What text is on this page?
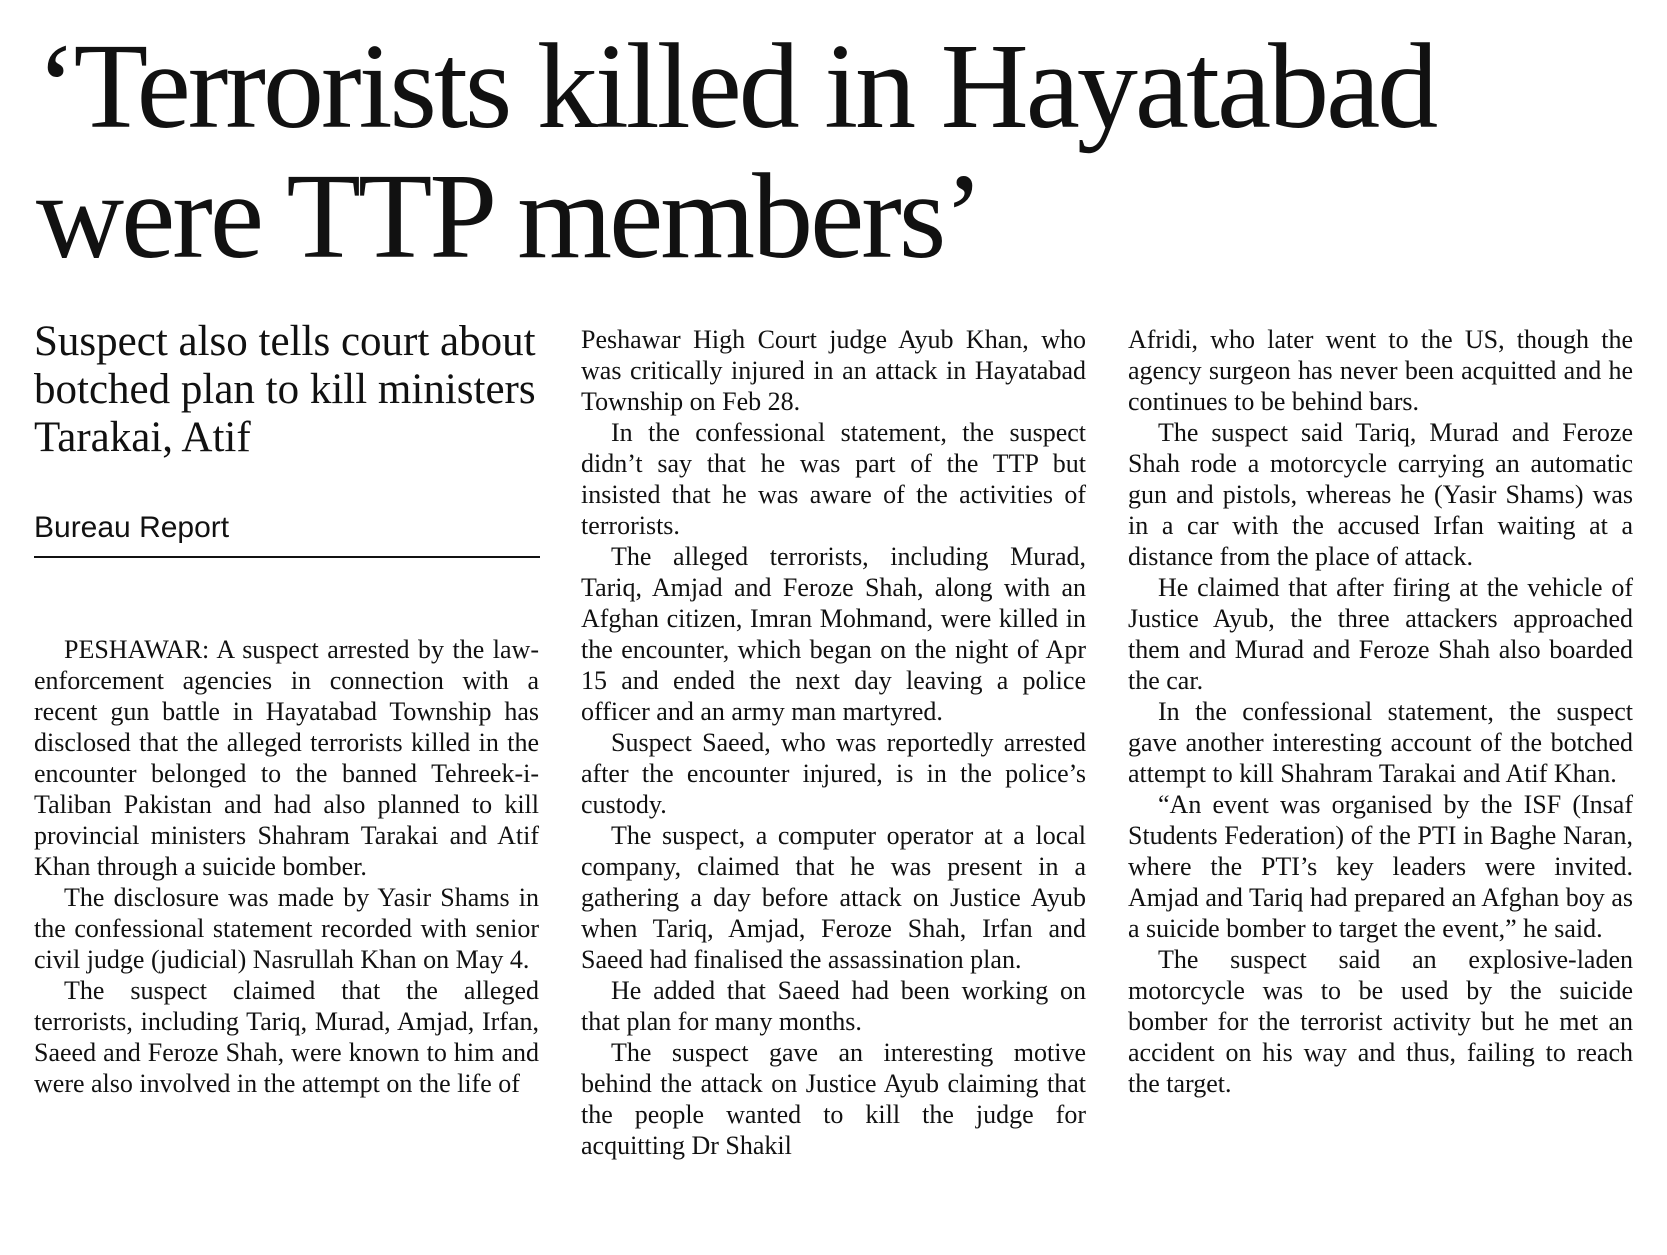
‘Terrorists killed in Hayatabad
were TTP members’
Suspect also tells court about botched plan to kill ministers Tarakai, Atif
Bureau Report

PESHAWAR: A suspect arrested by the law-enforcement agencies in connection with a recent gun battle in Hayatabad Township has disclosed that the alleged terrorists killed in the encounter belonged to the banned Tehreek-i-Taliban Pakistan and had also planned to kill provincial ministers Shahram Tarakai and Atif Khan through a suicide bomber.

The disclosure was made by Yasir Shams in the confessional statement recorded with senior civil judge (judicial) Nasrullah Khan on May 4.

The suspect claimed that the alleged terrorists, including Tariq, Murad, Amjad, Irfan, Saeed and Feroze Shah, were known to him and were also involved in the attempt on the life of

Peshawar High Court judge Ayub Khan, who was critically injured in an attack in Hayatabad Township on Feb 28.

In the confessional statement, the suspect didn’t say that he was part of the TTP but insisted that he was aware of the activities of terrorists.

The alleged terrorists, including Murad, Tariq, Amjad and Feroze Shah, along with an Afghan citizen, Imran Mohmand, were killed in the encounter, which began on the night of Apr 15 and ended the next day leaving a police officer and an army man martyred.

Suspect Saeed, who was reportedly arrested after the encounter injured, is in the police’s custody.

The suspect, a computer operator at a local company, claimed that he was present in a gathering a day before attack on Justice Ayub when Tariq, Amjad, Feroze Shah, Irfan and Saeed had finalised the assassination plan.

He added that Saeed had been working on that plan for many months.

The suspect gave an interesting motive behind the attack on Justice Ayub claiming that the people wanted to kill the judge for acquitting Dr Shakil

Afridi, who later went to the US, though the agency surgeon has never been acquitted and he continues to be behind bars.

The suspect said Tariq, Murad and Feroze Shah rode a motorcycle carrying an automatic gun and pistols, whereas he (Yasir Shams) was in a car with the accused Irfan waiting at a distance from the place of attack.

He claimed that after firing at the vehicle of Justice Ayub, the three attackers approached them and Murad and Feroze Shah also boarded the car.

In the confessional statement, the suspect gave another interesting account of the botched attempt to kill Shahram Tarakai and Atif Khan.

“An event was organised by the ISF (Insaf Students Federation) of the PTI in Baghe Naran, where the PTI’s key leaders were invited. Amjad and Tariq had prepared an Afghan boy as a suicide bomber to target the event,” he said.

The suspect said an explosive-laden motorcycle was to be used by the suicide bomber for the terrorist activity but he met an accident on his way and thus, failing to reach the target.
